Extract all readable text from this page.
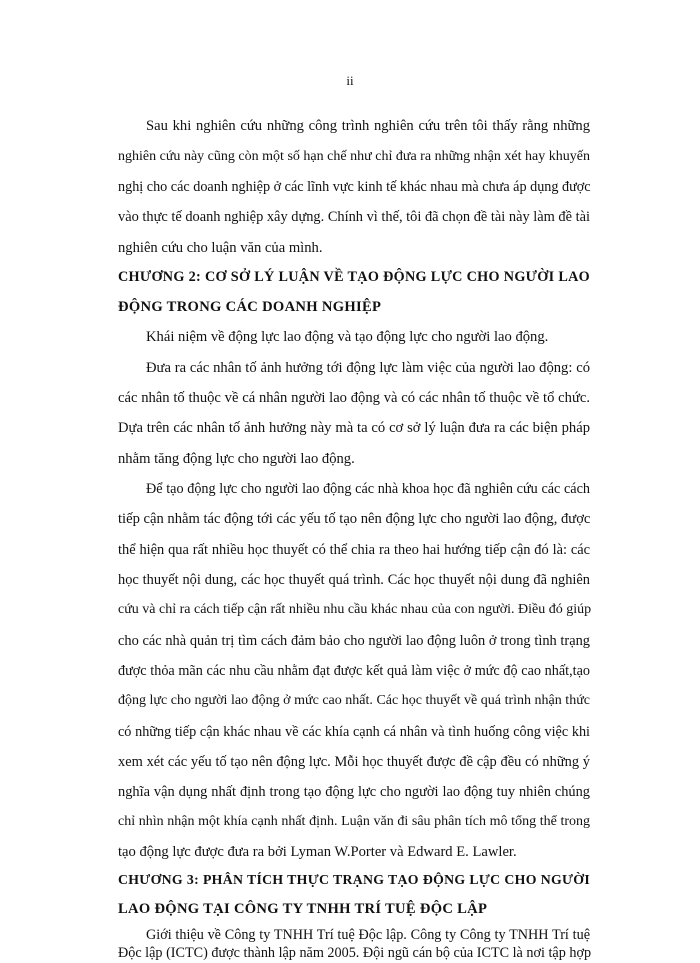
ii
Sau khi nghiên cứu những công trình nghiên cứu trên tôi thấy rằng những
nghiên cứu này cũng còn một số hạn chế như chỉ đưa ra những nhận xét hay khuyến
nghị cho các doanh nghiệp ở các lĩnh vực kinh tế khác nhau mà chưa áp dụng được
vào thực tế doanh nghiệp xây dựng. Chính vì thế, tôi đã chọn đề tài này làm đề tài
nghiên cứu cho luận văn của mình.
CHƯƠNG 2: CƠ SỞ LÝ LUẬN VỀ TẠO ĐỘNG LỰC CHO NGƯỜI LAO
ĐỘNG TRONG CÁC DOANH NGHIỆP
Khái niệm về động lực lao động và tạo động lực cho người lao động.
Đưa ra các nhân tố ảnh hưởng tới động lực làm việc của người lao động: có
các nhân tố thuộc về cá nhân người lao động và có các nhân tố thuộc về tổ chức.
Dựa trên các nhân tố ảnh hưởng này mà ta có cơ sở lý luận đưa ra các biện pháp
nhằm tăng động lực cho người lao động.
Để tạo động lực cho người lao động các nhà khoa học đã nghiên cứu các cách
tiếp cận nhằm tác động tới các yếu tố tạo nên động lực cho người lao động, được
thể hiện qua rất nhiều học thuyết có thể chia ra theo hai hướng tiếp cận đó là: các
học thuyết nội dung, các học thuyết quá trình. Các học thuyết nội dung đã nghiên
cứu và chỉ ra cách tiếp cận rất nhiều nhu cầu khác nhau của con người. Điều đó giúp
cho các nhà quản trị tìm cách đảm bảo cho người lao động luôn ở trong tình trạng
được thỏa mãn các nhu cầu nhằm đạt được kết quả làm việc ở mức độ cao nhất,tạo
động lực cho người lao động ở mức cao nhất. Các học thuyết về quá trình nhận thức
có những tiếp cận khác nhau về các khía cạnh cá nhân và tình huống công việc khi
xem xét các yếu tố tạo nên động lực. Mỗi học thuyết được đề cập đều có những ý
nghĩa vận dụng nhất định trong tạo động lực cho người lao động tuy nhiên chúng
chỉ nhìn nhận một khía cạnh nhất định. Luận văn đi sâu phân tích mô tổng thể trong
tạo động lực được đưa ra bởi Lyman W.Porter và Edward E. Lawler.
CHƯƠNG 3: PHÂN TÍCH THỰC TRẠNG TẠO ĐỘNG LỰC CHO NGƯỜI
LAO ĐỘNG TẠI CÔNG TY TNHH TRÍ TUỆ ĐỘC LẬP
Giới thiệu về Công ty TNHH Trí tuệ Độc lập. Công ty Công ty TNHH Trí tuệ
Độc lập (ICTC) được thành lập năm 2005. Đội ngũ cán bộ của ICTC là nơi tập hợp
